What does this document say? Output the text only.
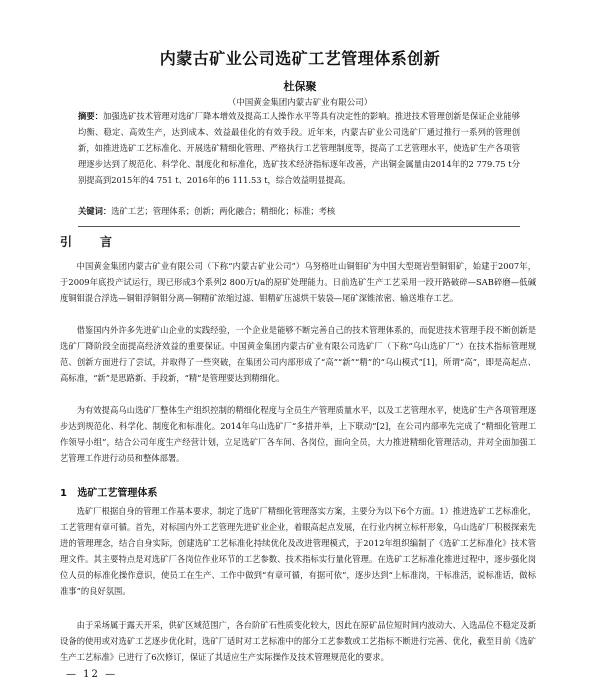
内蒙古矿业公司选矿工艺管理体系创新
杜保聚
（中国黄金集团内蒙古矿业有限公司）

摘要：加强选矿技术管理对选矿厂降本增效及提高工人操作水平等具有决定性的影响。推进技术管理创新是保证企业能够均衡、稳定、高效生产，达到成本、效益最佳化的有效手段。近年来，内蒙古矿业公司选矿厂通过推行一系列的管理创新，如推进选矿工艺标准化、开展选矿精细化管理、严格执行工艺管理制度等，提高了工艺管理水平，使选矿生产各项管理逐步达到了规范化、科学化、制度化和标准化，选矿技术经济指标逐年改善，产出铜金属量由2014年的2 779.75 t分别提高到2015年的4 751 t、2016年的6 111.53 t，综合效益明显提高。

关键词：选矿工艺；管理体系；创新；两化融合；精细化；标准；考核

引　言

中国黄金集团内蒙古矿业有限公司（下称“内蒙古矿业公司”）乌努格吐山铜钼矿为中国大型斑岩型铜钼矿，始建于2007年，于2009年底投产试运行，现已形成3个系列2 800万t/a的原矿处理能力。日前选矿生产工艺采用一段开路破碎—SAB碎磨—低碱度铜钼混合浮选—铜钼浮铜钼分离—铜精矿浓缩过滤、钼精矿压滤烘干装袋—尾矿深锥浓密、输送堆存工艺。

借鉴国内外许多先进矿山企业的实践经验，一个企业是能够不断完善自己的技术管理体系的，而促进技术管理手段不断创新是选矿厂降阶段全面提高经济效益的重要保证。中国黄金集团内蒙古矿业有限公司选矿厂（下称“乌山选矿厂”）在技术指标管理规范、创新方面进行了尝试，并取得了一些突破，在集团公司内部形成了“高”“新”“精”的“乌山模式”[1]，所谓“高”，即是高起点、高标准，“新”是思路新、手段新，“精”是管理要达到精细化。

为有效提高乌山选矿厂整体生产组织控制的精细化程度与全员生产管理质量水平，以及工艺管理水平，使选矿生产各项管理逐步达到规范化、科学化、制度化和标准化。2014年乌山选矿厂“多措并举，上下联动”[2]，在公司内部率先完成了“精细化管理工作领导小组”，结合公司年度生产经营计划，立足选矿厂各车间、各岗位，面向全员，大力推进精细化管理活动，并对全面加强工艺管理工作进行动员和整体部署。

1 选矿工艺管理体系

选矿厂根据自身的管理工作基本要求，制定了选矿厂精细化管理落实方案，主要分为以下6个方面。1）推进选矿工艺标准化，工艺管理有章可循。首先，对标国内外工艺管理先进矿业企业，着眼高起点发展，在行业内树立标杆形象，乌山选矿厂积极探索先进的管理理念，结合自身实际，创建选矿工艺标准化持续优化及改进管理模式，于2012年组织编制了《选矿工艺标准化》技术管理文件。其主要特点是对选矿厂各岗位作业环节的工艺参数、技术指标实行量化管理。在选矿工艺标准化推进过程中，逐步强化岗位人员的标准化操作意识，使员工在生产、工作中做到“有章可循，有据可依”，逐步达到“上标准岗，干标准活，说标准话，做标准事”的良好氛围。

由于采场属于露天开采，供矿区域范围广，各台阶矿石性质变化较大，因此在原矿品位短时间内波动大、入选品位不稳定及新设备的使用或对选矿工艺逐步优化时，选矿厂适时对工艺标准中的部分工艺参数或工艺指标不断进行完善、优化，截至目前《选矿生产工艺标准》已进行了6次修订，保证了其适应生产实际操作及技术管理规范化的要求。

— 12 —
